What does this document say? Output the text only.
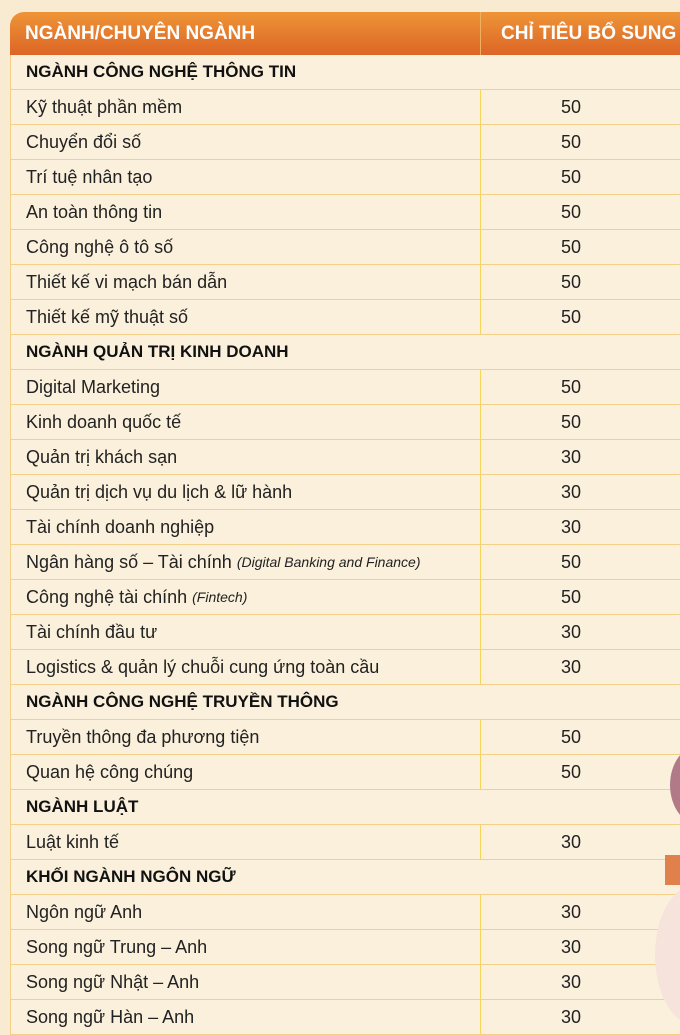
NGÀNH/CHUYÊN NGÀNH	CHỈ TIÊU BỔ SUNG
NGÀNH CÔNG NGHỆ THÔNG TIN
Kỹ thuật phần mềm	50
Chuyển đổi số	50
Trí tuệ nhân tạo	50
An toàn thông tin	50
Công nghệ ô tô số	50
Thiết kế vi mạch bán dẫn	50
Thiết kế mỹ thuật số	50
NGÀNH QUẢN TRỊ KINH DOANH
Digital Marketing	50
Kinh doanh quốc tế	50
Quản trị khách sạn	30
Quản trị dịch vụ du lịch & lữ hành	30
Tài chính doanh nghiệp	30
Ngân hàng số – Tài chính (Digital Banking and Finance)	50
Công nghệ tài chính (Fintech)	50
Tài chính đầu tư	30
Logistics & quản lý chuỗi cung ứng toàn cầu	30
NGÀNH CÔNG NGHỆ TRUYỀN THÔNG
Truyền thông đa phương tiện	50
Quan hệ công chúng	50
NGÀNH LUẬT
Luật kinh tế	30
KHỐI NGÀNH NGÔN NGỮ
Ngôn ngữ Anh	30
Song ngữ Trung – Anh	30
Song ngữ Nhật – Anh	30
Song ngữ Hàn – Anh	30
